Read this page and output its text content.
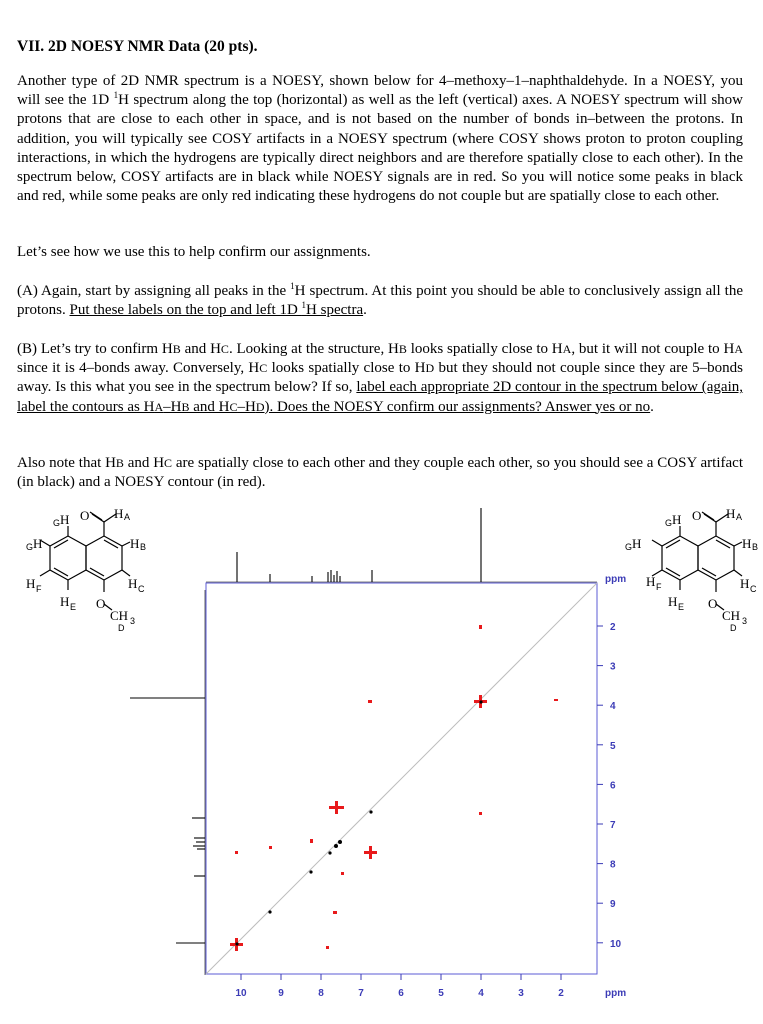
VII. 2D NOESY NMR Data (20 pts).

Another type of 2D NMR spectrum is a NOESY, shown below for 4–methoxy–1–naphthaldehyde. In a NOESY, you will see the 1D $^1$H spectrum along the top (horizontal) as well as the left (vertical) axes. A NOESY spectrum will show protons that are close to each other in space, and is not based on the number of bonds in–between the protons. In addition, you will typically see COSY artifacts in a NOESY spectrum (where COSY shows proton to proton coupling interactions, in which the hydrogens are typically direct neighbors and are therefore spatially close to each other). In the spectrum below, COSY artifacts are in black while NOESY signals are in red. So you will notice some peaks in black and red, while some peaks are only red indicating these hydrogens do not couple but are spatially close to each other.

Let’s see how we use this to help confirm our assignments.

(A) Again, start by assigning all peaks in the $^1$H spectrum. At this point you should be able to conclusively assign all the protons. Put these labels on the top and left 1D $^1$H spectra.

(B) Let’s try to confirm HB and HC. Looking at the structure, HB looks spatially close to HA, but it will not couple to HA since it is 4–bonds away. Conversely, HC looks spatially close to HD but they should not couple since they are 5–bonds away. Is this what you see in the spectrum below? If so, label each appropriate 2D contour in the spectrum below (again, label the contours as HA–HB and HC–HD). Does the NOESY confirm our assignments? Answer yes or no.

Also note that HB and HC are spatially close to each other and they couple each other, so you should see a COSY artifact (in black) and a NOESY contour (in red).

O H A
H
G
H
G	H B
H C
H F
H E O
CH 3
D
O H A
H
G
H
G	H B
H C
H F
H E O
CH 3
D
ppm
ppm
2
3
4
5
6
7
8
9
10
10	9	8	7	6	5	4	3	2
